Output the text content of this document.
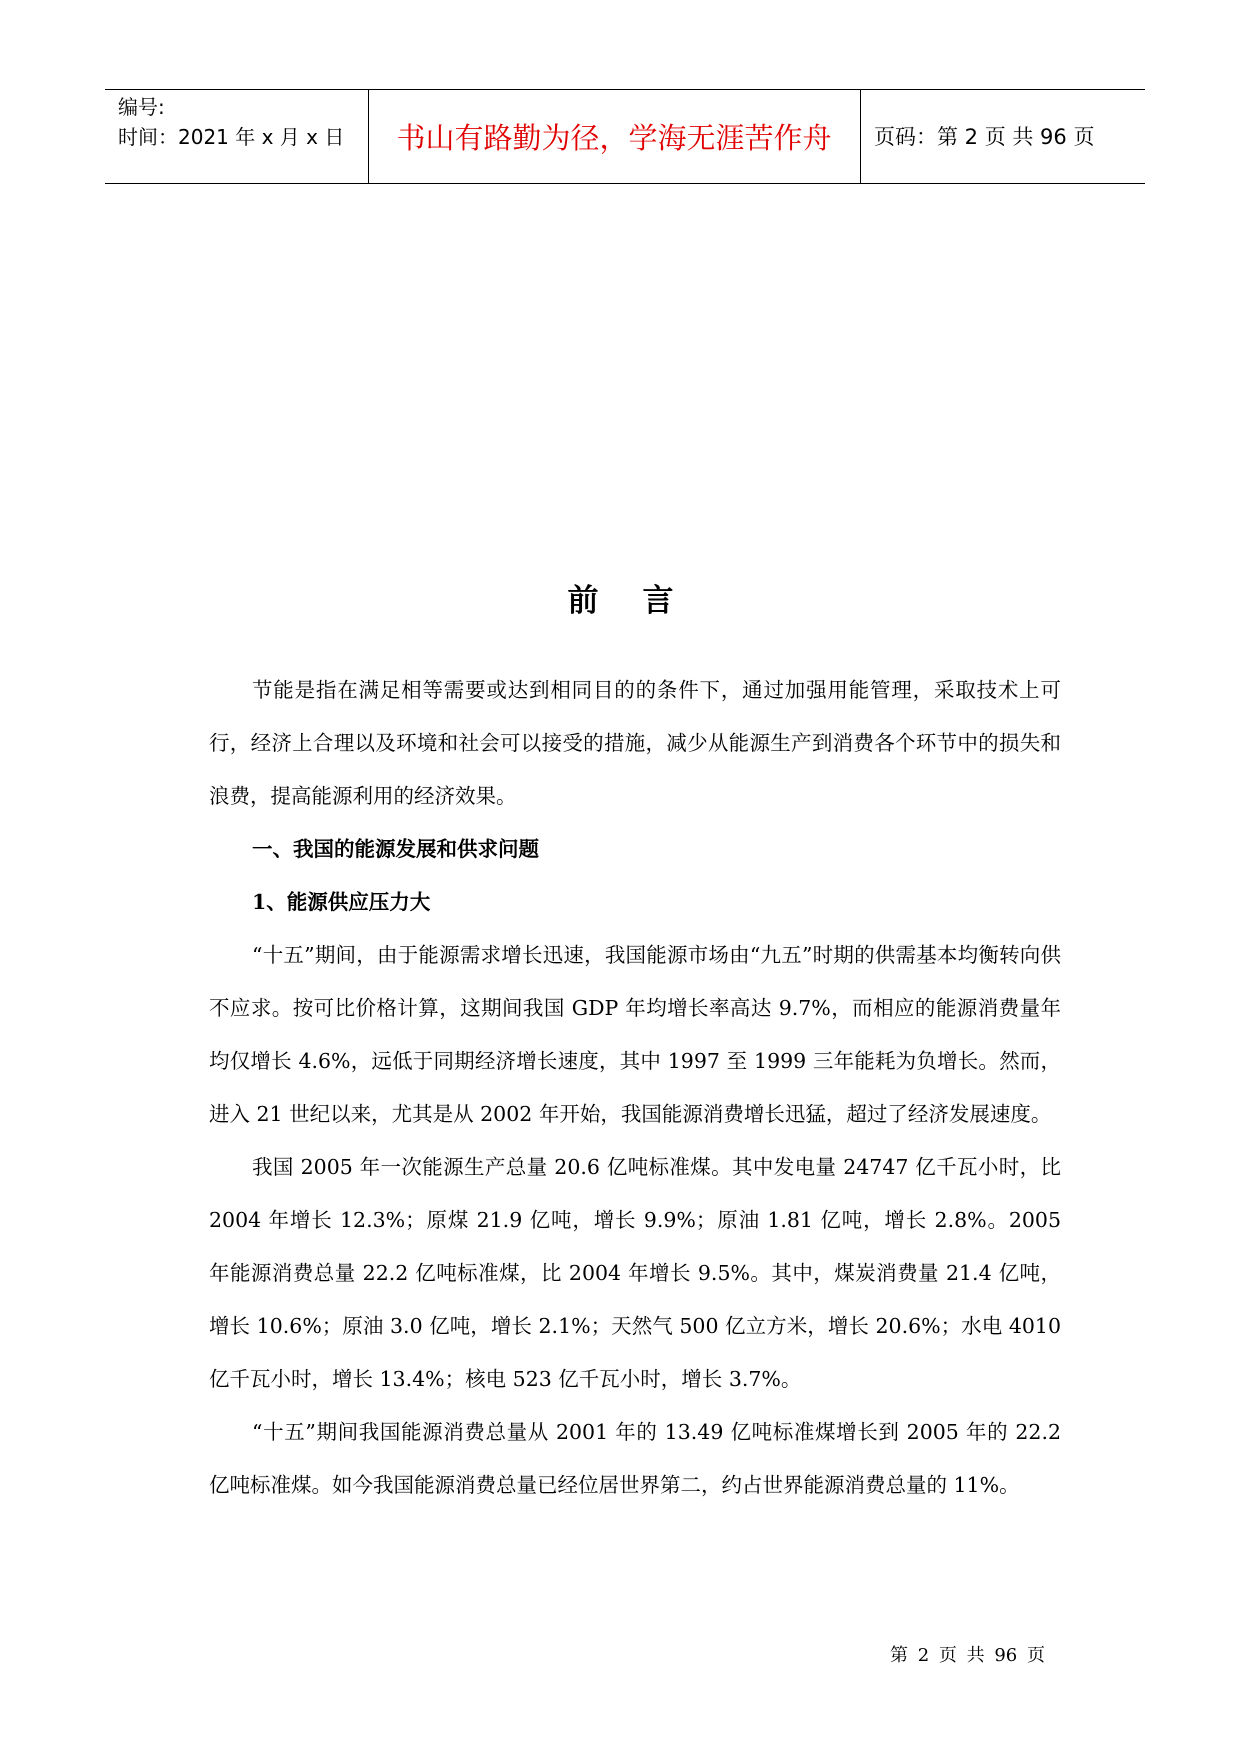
编号:
时间：2021 年 x 月 x 日	书山有路勤为径，学海无涯苦作舟	页码：第 2 页 共 96 页
前 言

节能是指在满足相等需要或达到相同目的的条件下，通过加强用能管理，采取技术上可行，经济上合理以及环境和社会可以接受的措施，减少从能源生产到消费各个环节中的损失和浪费，提高能源利用的经济效果。

一、我国的能源发展和供求问题
1、能源供应压力大

“十五”期间，由于能源需求增长迅速，我国能源市场由“九五”时期的供需基本均衡转向供不应求。按可比价格计算，这期间我国 GDP 年均增长率高达 9.7%，而相应的能源消费量年均仅增长 4.6%，远低于同期经济增长速度，其中 1997 至 1999 三年能耗为负增长。然而，进入 21 世纪以来，尤其是从 2002 年开始，我国能源消费增长迅猛，超过了经济发展速度。

我国 2005 年一次能源生产总量 20.6 亿吨标准煤。其中发电量 24747 亿千瓦小时，比 2004 年增长 12.3%；原煤 21.9 亿吨，增长 9.9%；原油 1.81 亿吨，增长 2.8%。2005 年能源消费总量 22.2 亿吨标准煤，比 2004 年增长 9.5%。其中，煤炭消费量 21.4 亿吨，增长 10.6%；原油 3.0 亿吨，增长 2.1%；天然气 500 亿立方米，增长 20.6%；水电 4010 亿千瓦小时，增长 13.4%；核电 523 亿千瓦小时，增长 3.7%。

“十五”期间我国能源消费总量从 2001 年的 13.49 亿吨标准煤增长到 2005 年的 22.2 亿吨标准煤。如今我国能源消费总量已经位居世界第二，约占世界能源消费总量的 11%。

第 2 页 共 96 页
